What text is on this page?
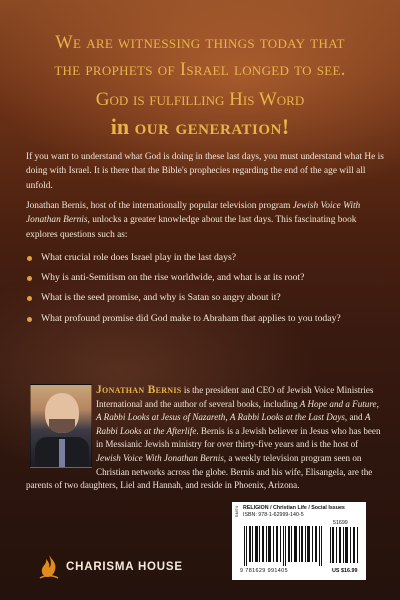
We are witnessing things today that
the prophets of Israel longed to see.
God is fulfilling His Word
in our generation!

If you want to understand what God is doing in these last days, you must understand what He is doing with Israel. It is there that the Bible's prophecies regarding the end of the age will all unfold.

Jonathan Bernis, host of the internationally popular television program Jewish Voice With Jonathan Bernis, unlocks a greater knowledge about the last days. This fascinating book explores questions such as:

What crucial role does Israel play in the last days?
Why is anti-Semitism on the rise worldwide, and what is at its root?
What is the seed promise, and why is Satan so angry about it?
What profound promise did God make to Abraham that applies to you today?
Jonathan Bernis is the president and CEO of Jewish Voice Ministries International and the author of several books, including A Hope and a Future, A Rabbi Looks at Jesus of Nazareth, A Rabbi Looks at the Last Days, and A Rabbi Looks at the Afterlife. Bernis is a Jewish believer in Jesus who has been in Messianic Jewish ministry for over thirty-five years and is the host of Jewish Voice With Jonathan Bernis, a weekly television program seen on Christian networks across the globe. Bernis and his wife, Elisangela, are the parents of two daughters, Liel and Hannah, and reside in Phoenix, Arizona.
CHARISMA HOUSE
54874 RELIGION / Christian Life / Social Issues
ISBN: 978-1-62999-140-5
51699
9 781629 991405	US $16.99
